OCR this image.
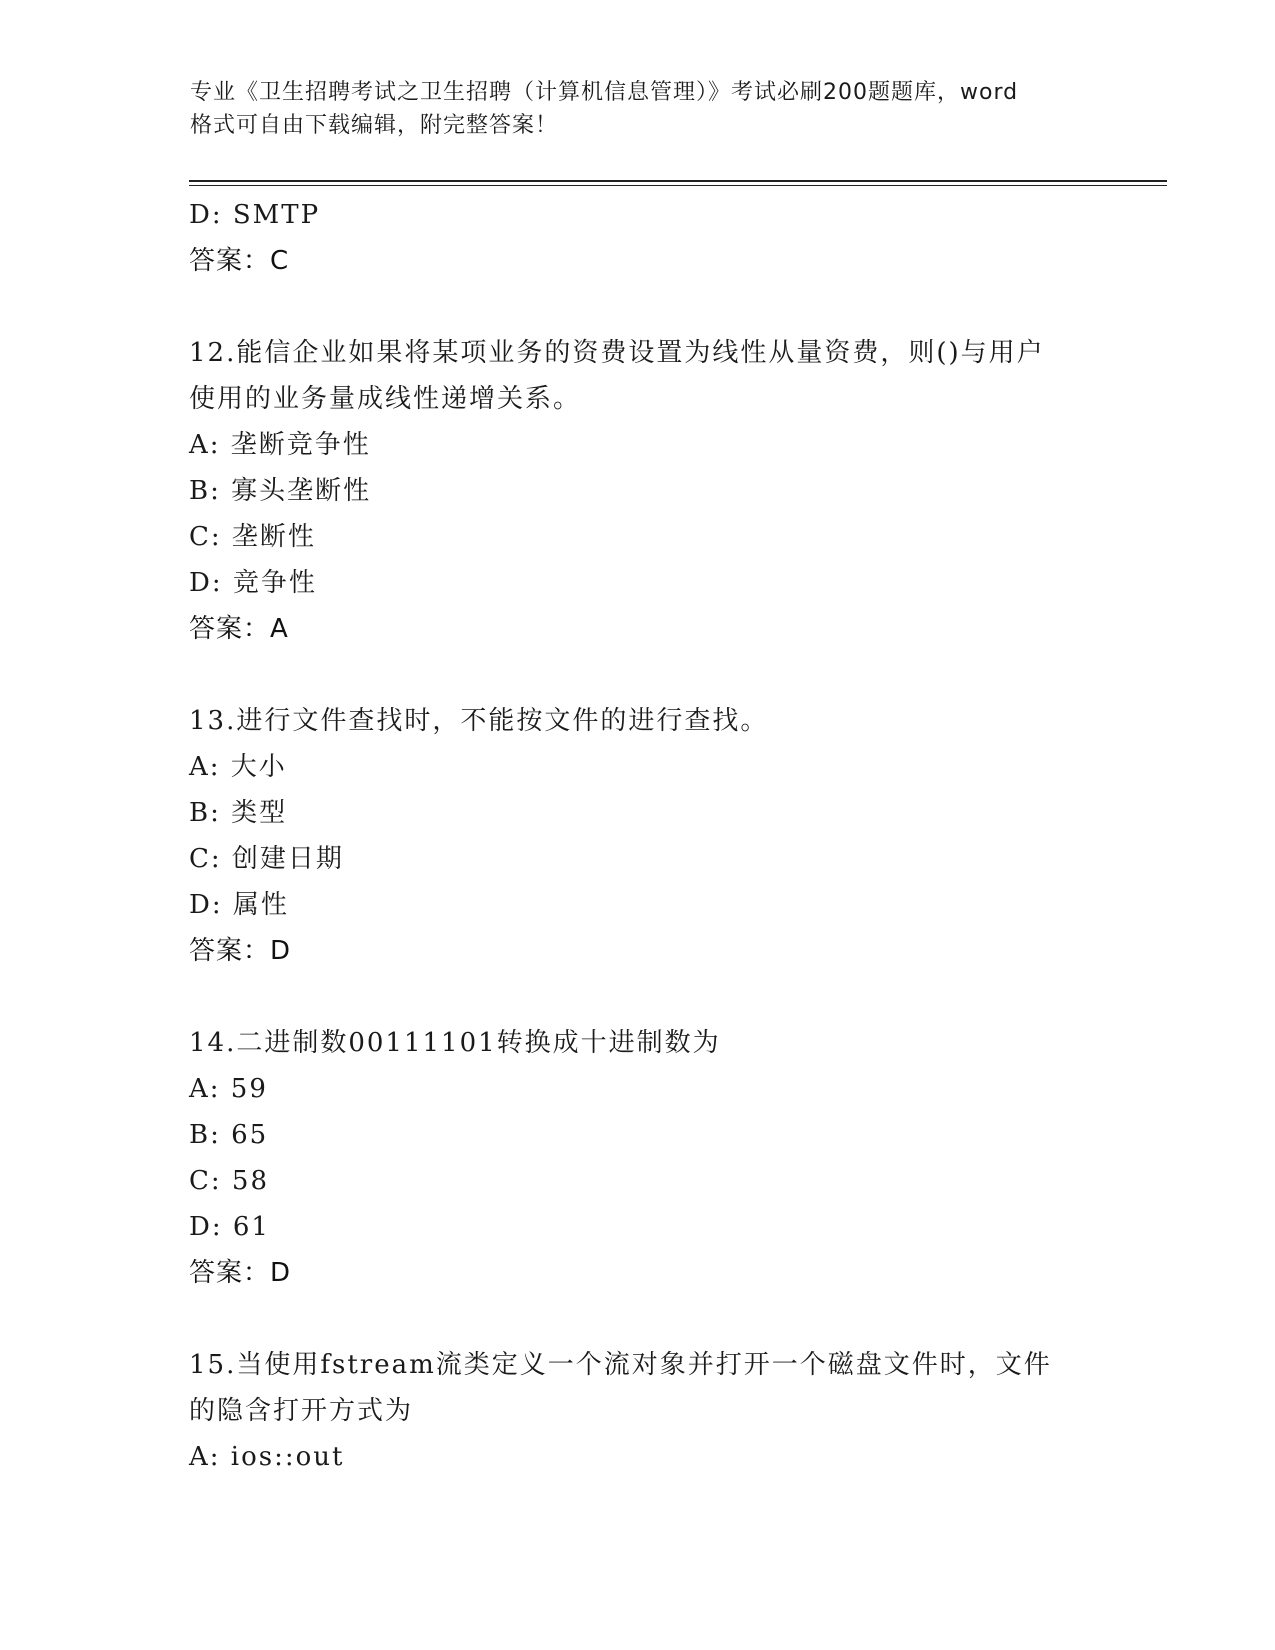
专业《卫生招聘考试之卫生招聘（计算机信息管理）》考试必刷200题题库，word
格式可自由下载编辑，附完整答案！
D: SMTP
答案：C
12.能信企业如果将某项业务的资费设置为线性从量资费，则()与用户
使用的业务量成线性递增关系。
A: 垄断竞争性
B: 寡头垄断性
C: 垄断性
D: 竞争性
答案：A
13.进行文件查找时，不能按文件的进行查找。
A: 大小
B: 类型
C: 创建日期
D: 属性
答案：D
14.二进制数00111101转换成十进制数为
A: 59
B: 65
C: 58
D: 61
答案：D
15.当使用fstream流类定义一个流对象并打开一个磁盘文件时，文件
的隐含打开方式为
A: ios::out
